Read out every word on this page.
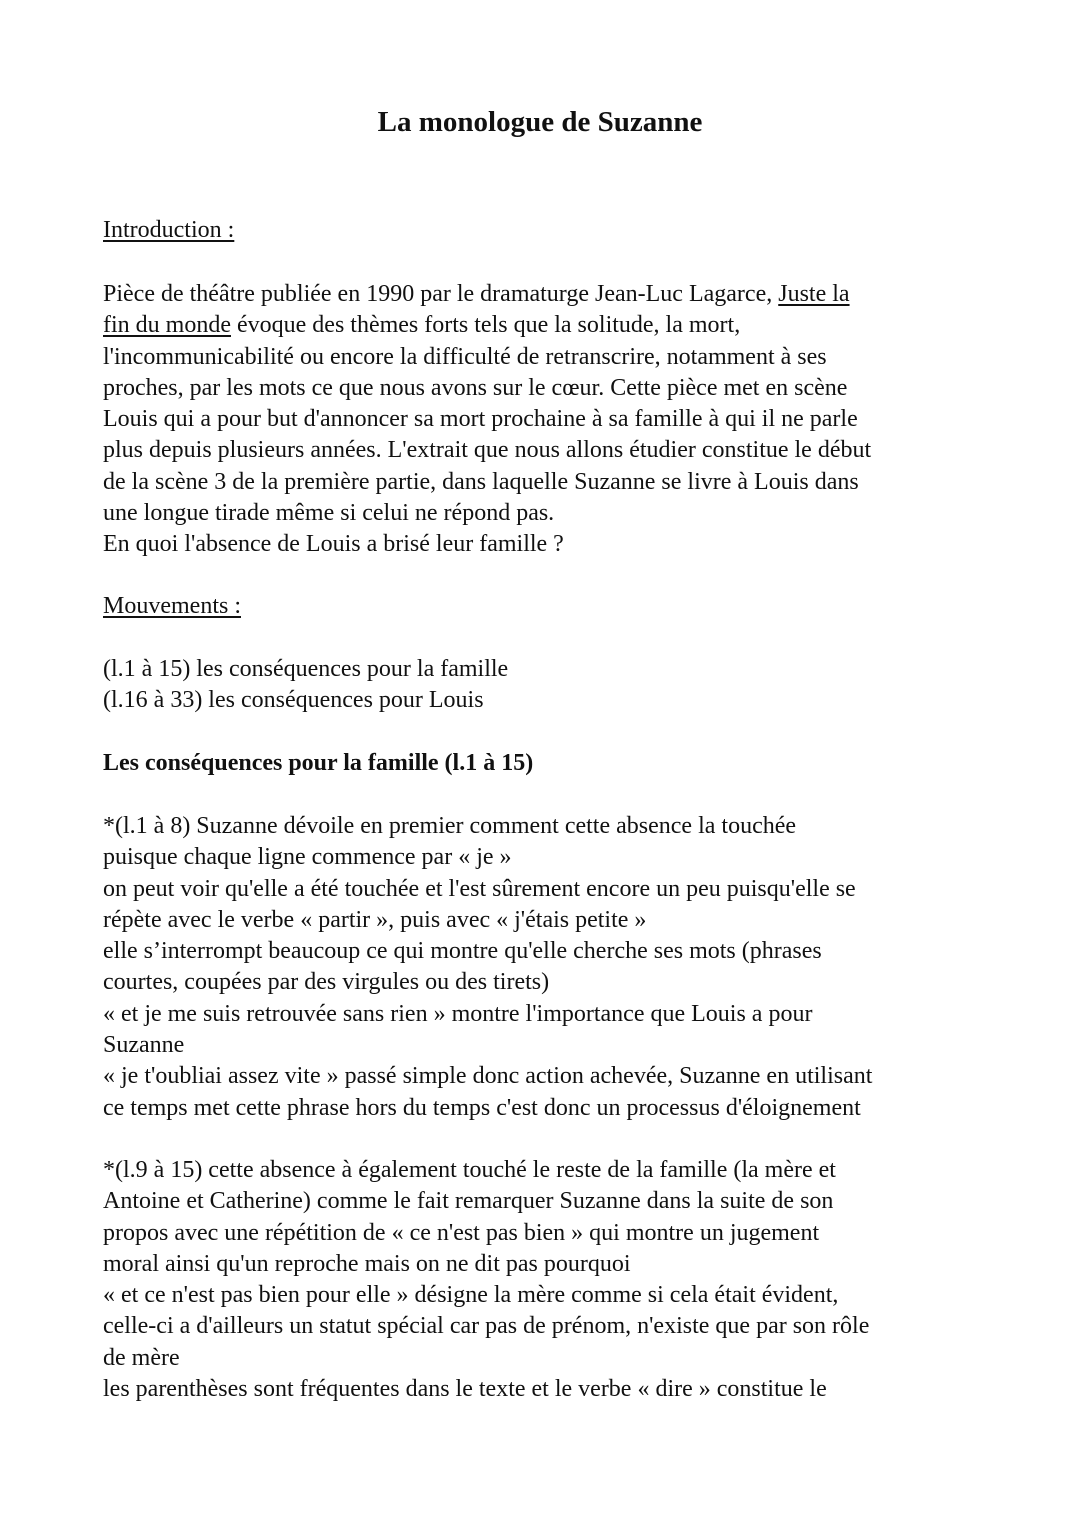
La monologue de Suzanne
Introduction :
Pièce de théâtre publiée en 1990 par le dramaturge Jean-Luc Lagarce, Juste la
fin du monde évoque des thèmes forts tels que la solitude, la mort,
l'incommunicabilité ou encore la difficulté de retranscrire, notamment à ses
proches, par les mots ce que nous avons sur le cœur. Cette pièce met en scène
Louis qui a pour but d'annoncer sa mort prochaine à sa famille à qui il ne parle
plus depuis plusieurs années. L'extrait que nous allons étudier constitue le début
de la scène 3 de la première partie, dans laquelle Suzanne se livre à Louis dans
une longue tirade même si celui ne répond pas.
En quoi l'absence de Louis a brisé leur famille ?
Mouvements :
(l.1 à 15) les conséquences pour la famille
(l.16 à 33) les conséquences pour Louis
Les conséquences pour la famille (l.1 à 15)
*(l.1 à 8) Suzanne dévoile en premier comment cette absence la touchée
puisque chaque ligne commence par « je »
on peut voir qu'elle a été touchée et l'est sûrement encore un peu puisqu'elle se
répète avec le verbe « partir », puis avec « j'étais petite »
elle s’interrompt beaucoup ce qui montre qu'elle cherche ses mots (phrases
courtes, coupées par des virgules ou des tirets)
« et je me suis retrouvée sans rien » montre l'importance que Louis a pour
Suzanne
« je t'oubliai assez vite » passé simple donc action achevée, Suzanne en utilisant
ce temps met cette phrase hors du temps c'est donc un processus d'éloignement
*(l.9 à 15) cette absence à également touché le reste de la famille (la mère et
Antoine et Catherine) comme le fait remarquer Suzanne dans la suite de son
propos avec une répétition de « ce n'est pas bien » qui montre un jugement
moral ainsi qu'un reproche mais on ne dit pas pourquoi
« et ce n'est pas bien pour elle » désigne la mère comme si cela était évident,
celle-ci a d'ailleurs un statut spécial car pas de prénom, n'existe que par son rôle
de mère
les parenthèses sont fréquentes dans le texte et le verbe « dire » constitue le
